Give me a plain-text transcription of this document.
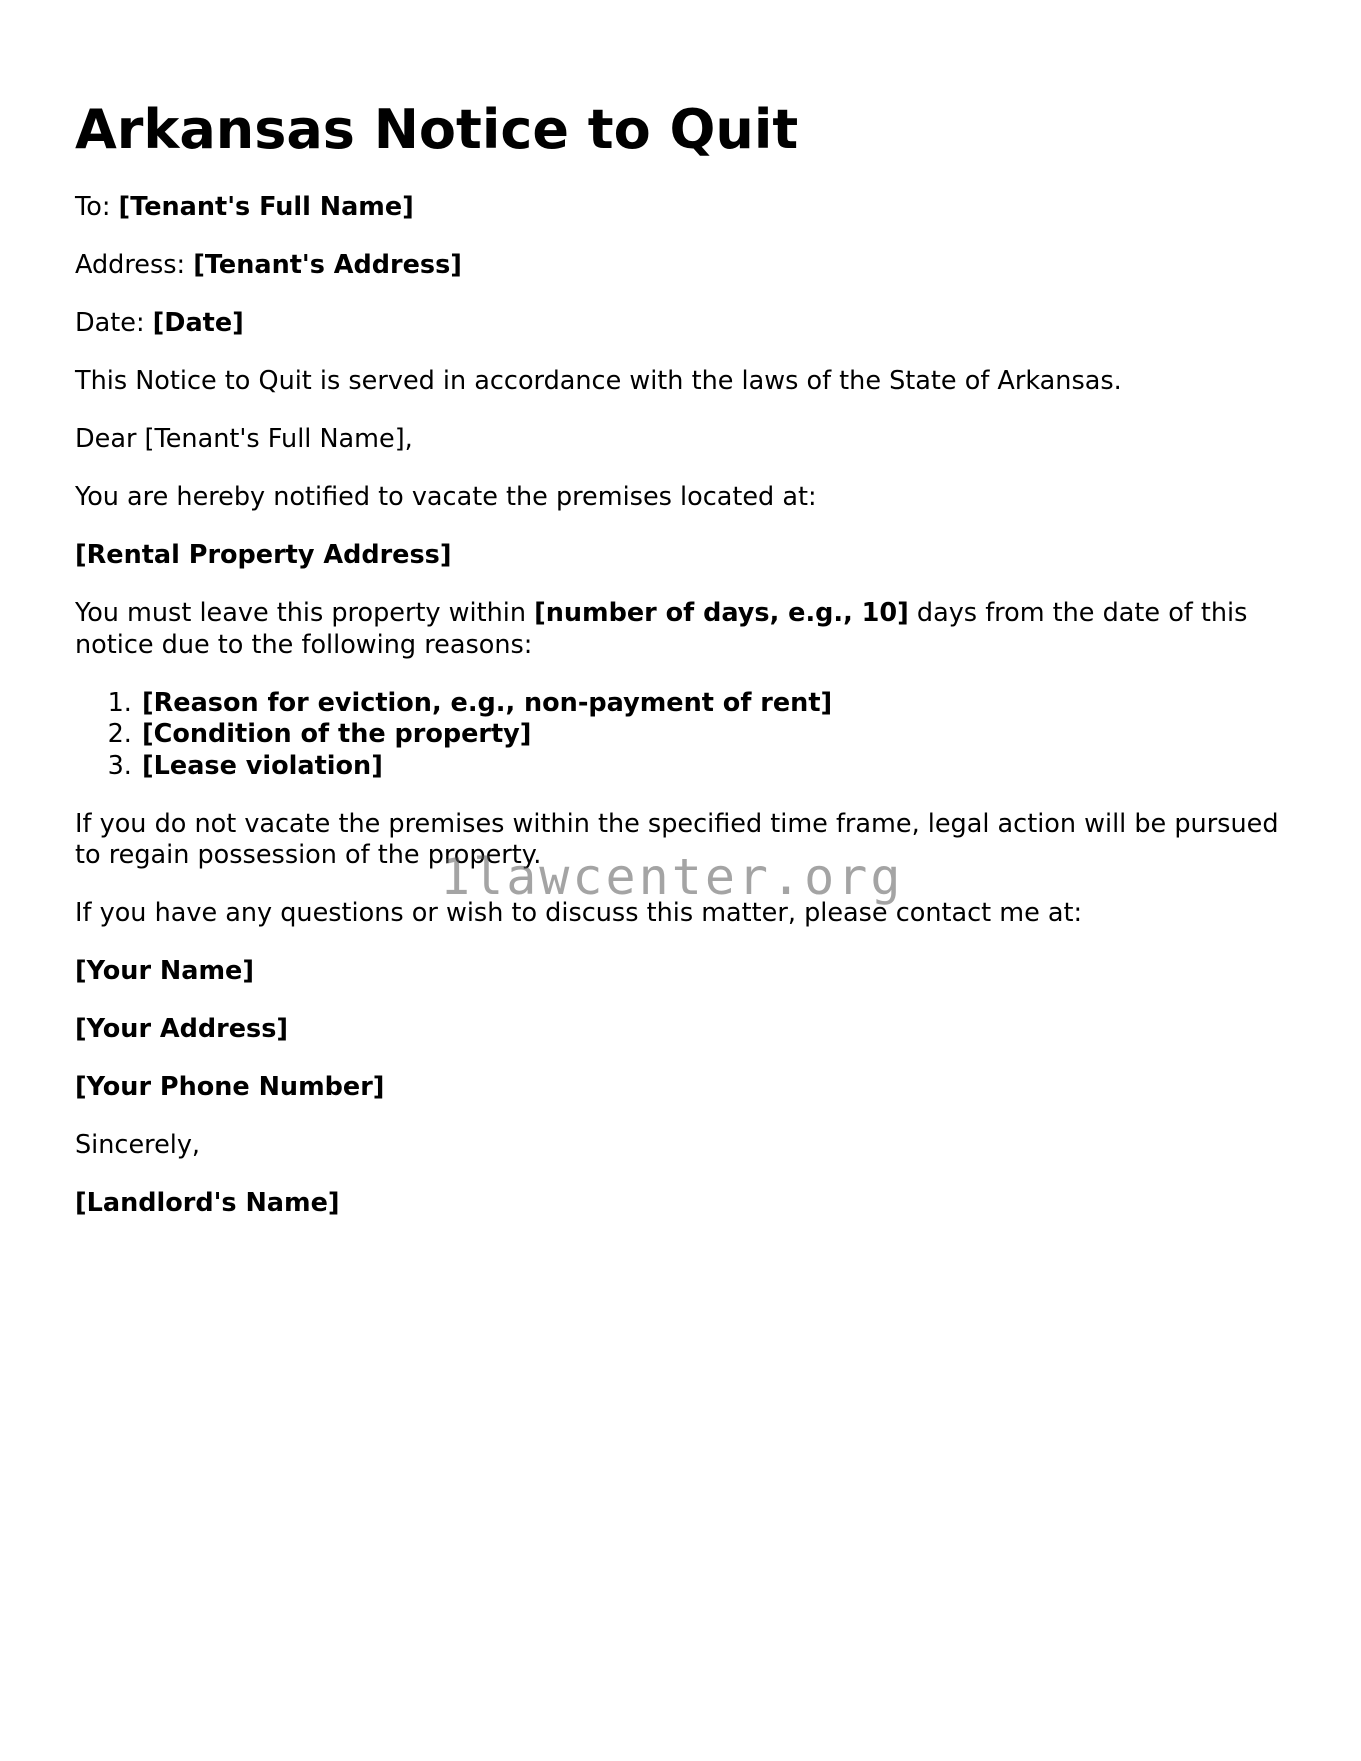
Arkansas Notice to Quit

To: [Tenant's Full Name]

Address: [Tenant's Address]

Date: [Date]

This Notice to Quit is served in accordance with the laws of the State of Arkansas.

Dear [Tenant's Full Name],

You are hereby notified to vacate the premises located at:

[Rental Property Address]

You must leave this property within [number of days, e.g., 10] days from the date of this notice due to the following reasons:

1. [Reason for eviction, e.g., non-payment of rent]
2. [Condition of the property]
3. [Lease violation]

If you do not vacate the premises within the specified time frame, legal action will be pursued to regain possession of the property.

If you have any questions or wish to discuss this matter, please contact me at:

[Your Name]

[Your Address]

[Your Phone Number]

Sincerely,

[Landlord's Name]

1lawcenter.org
